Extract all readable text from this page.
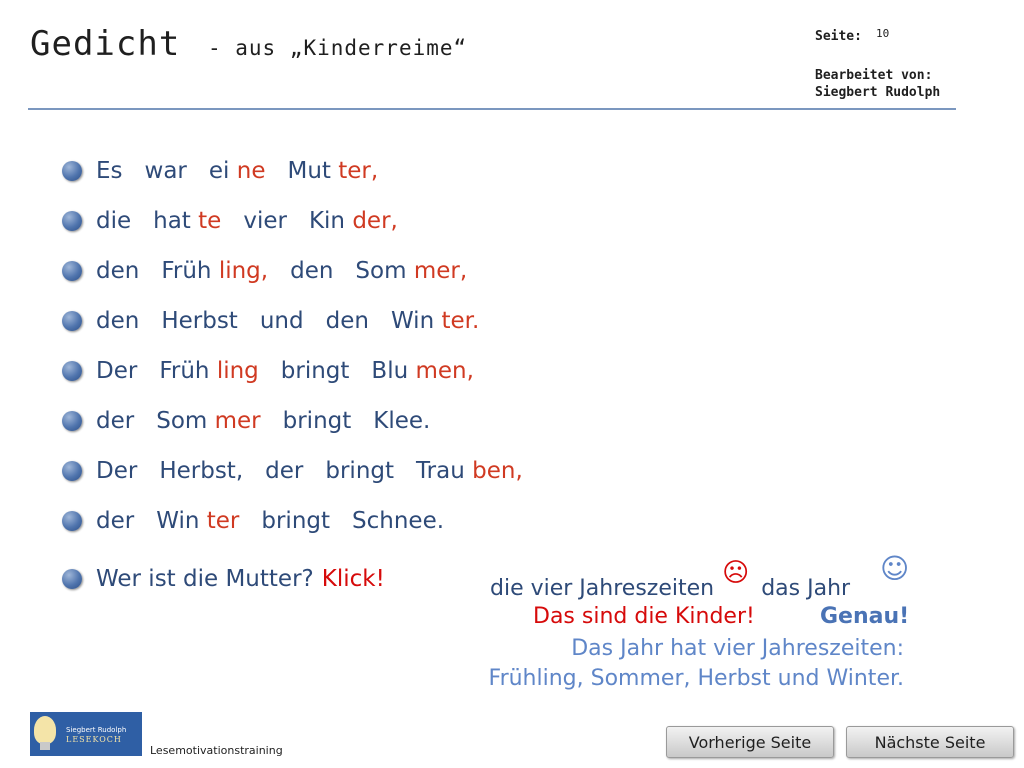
Gedicht - aus „Kinderreime“	Seite: $^{10}$
Bearbeitet von:
Siegbert Rudolph
Es war ei ne Mut ter,
die hat te vier Kin der,
den Früh ling, den Som mer,
den Herbst und den Win ter.
Der Früh ling bringt Blu men,
der Som mer bringt Klee.
Der Herbst, der bringt Trau ben,
der Win ter bringt Schnee.
Wer ist die Mutter? Klick!	die vier Jahreszeiten☹das Jahr
☺
Das sind die Kinder!	Genau!
Das Jahr hat vier Jahreszeiten:
Frühling, Sommer, Herbst und Winter.
Siegbert Rudolph
LESEKOCH
Lesemotivationstraining	Vorherige Seite	Nächste Seite
